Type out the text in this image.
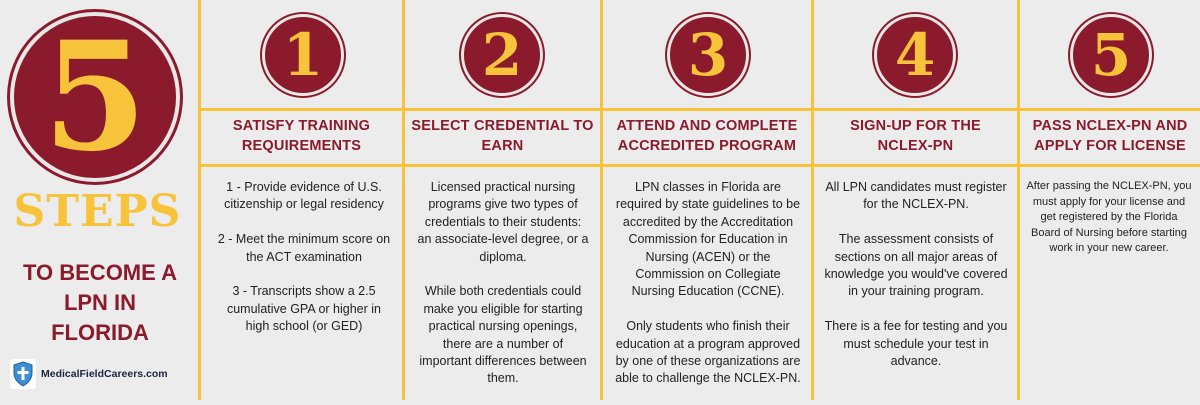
5
STEPS
TO BECOME A
LPN IN
FLORIDA
MedicalFieldCareers.com
1
SATISFY TRAINING
REQUIREMENTS

1 - Provide evidence of U.S. citizenship or legal residency

2 - Meet the minimum score on the ACT examination

3 - Transcripts show a 2.5 cumulative GPA or higher in high school (or GED)

2
SELECT CREDENTIAL TO
EARN

Licensed practical nursing programs give two types of credentials to their students: an associate-level degree, or a diploma.

While both credentials could make you eligible for starting practical nursing openings, there are a number of important differences between them.

3
ATTEND AND COMPLETE
ACCREDITED PROGRAM

LPN classes in Florida are required by state guidelines to be accredited by the Accreditation Commission for Education in Nursing (ACEN) or the Commission on Collegiate Nursing Education (CCNE).

Only students who finish their education at a program approved by one of these organizations are able to challenge the NCLEX-PN.

4
SIGN-UP FOR THE
NCLEX-PN

All LPN candidates must register for the NCLEX-PN.

The assessment consists of sections on all major areas of knowledge you would've covered in your training program.

There is a fee for testing and you must schedule your test in advance.

5
PASS NCLEX-PN AND
APPLY FOR LICENSE

After passing the NCLEX-PN, you must apply for your license and get registered by the Florida Board of Nursing before starting work in your new career.
